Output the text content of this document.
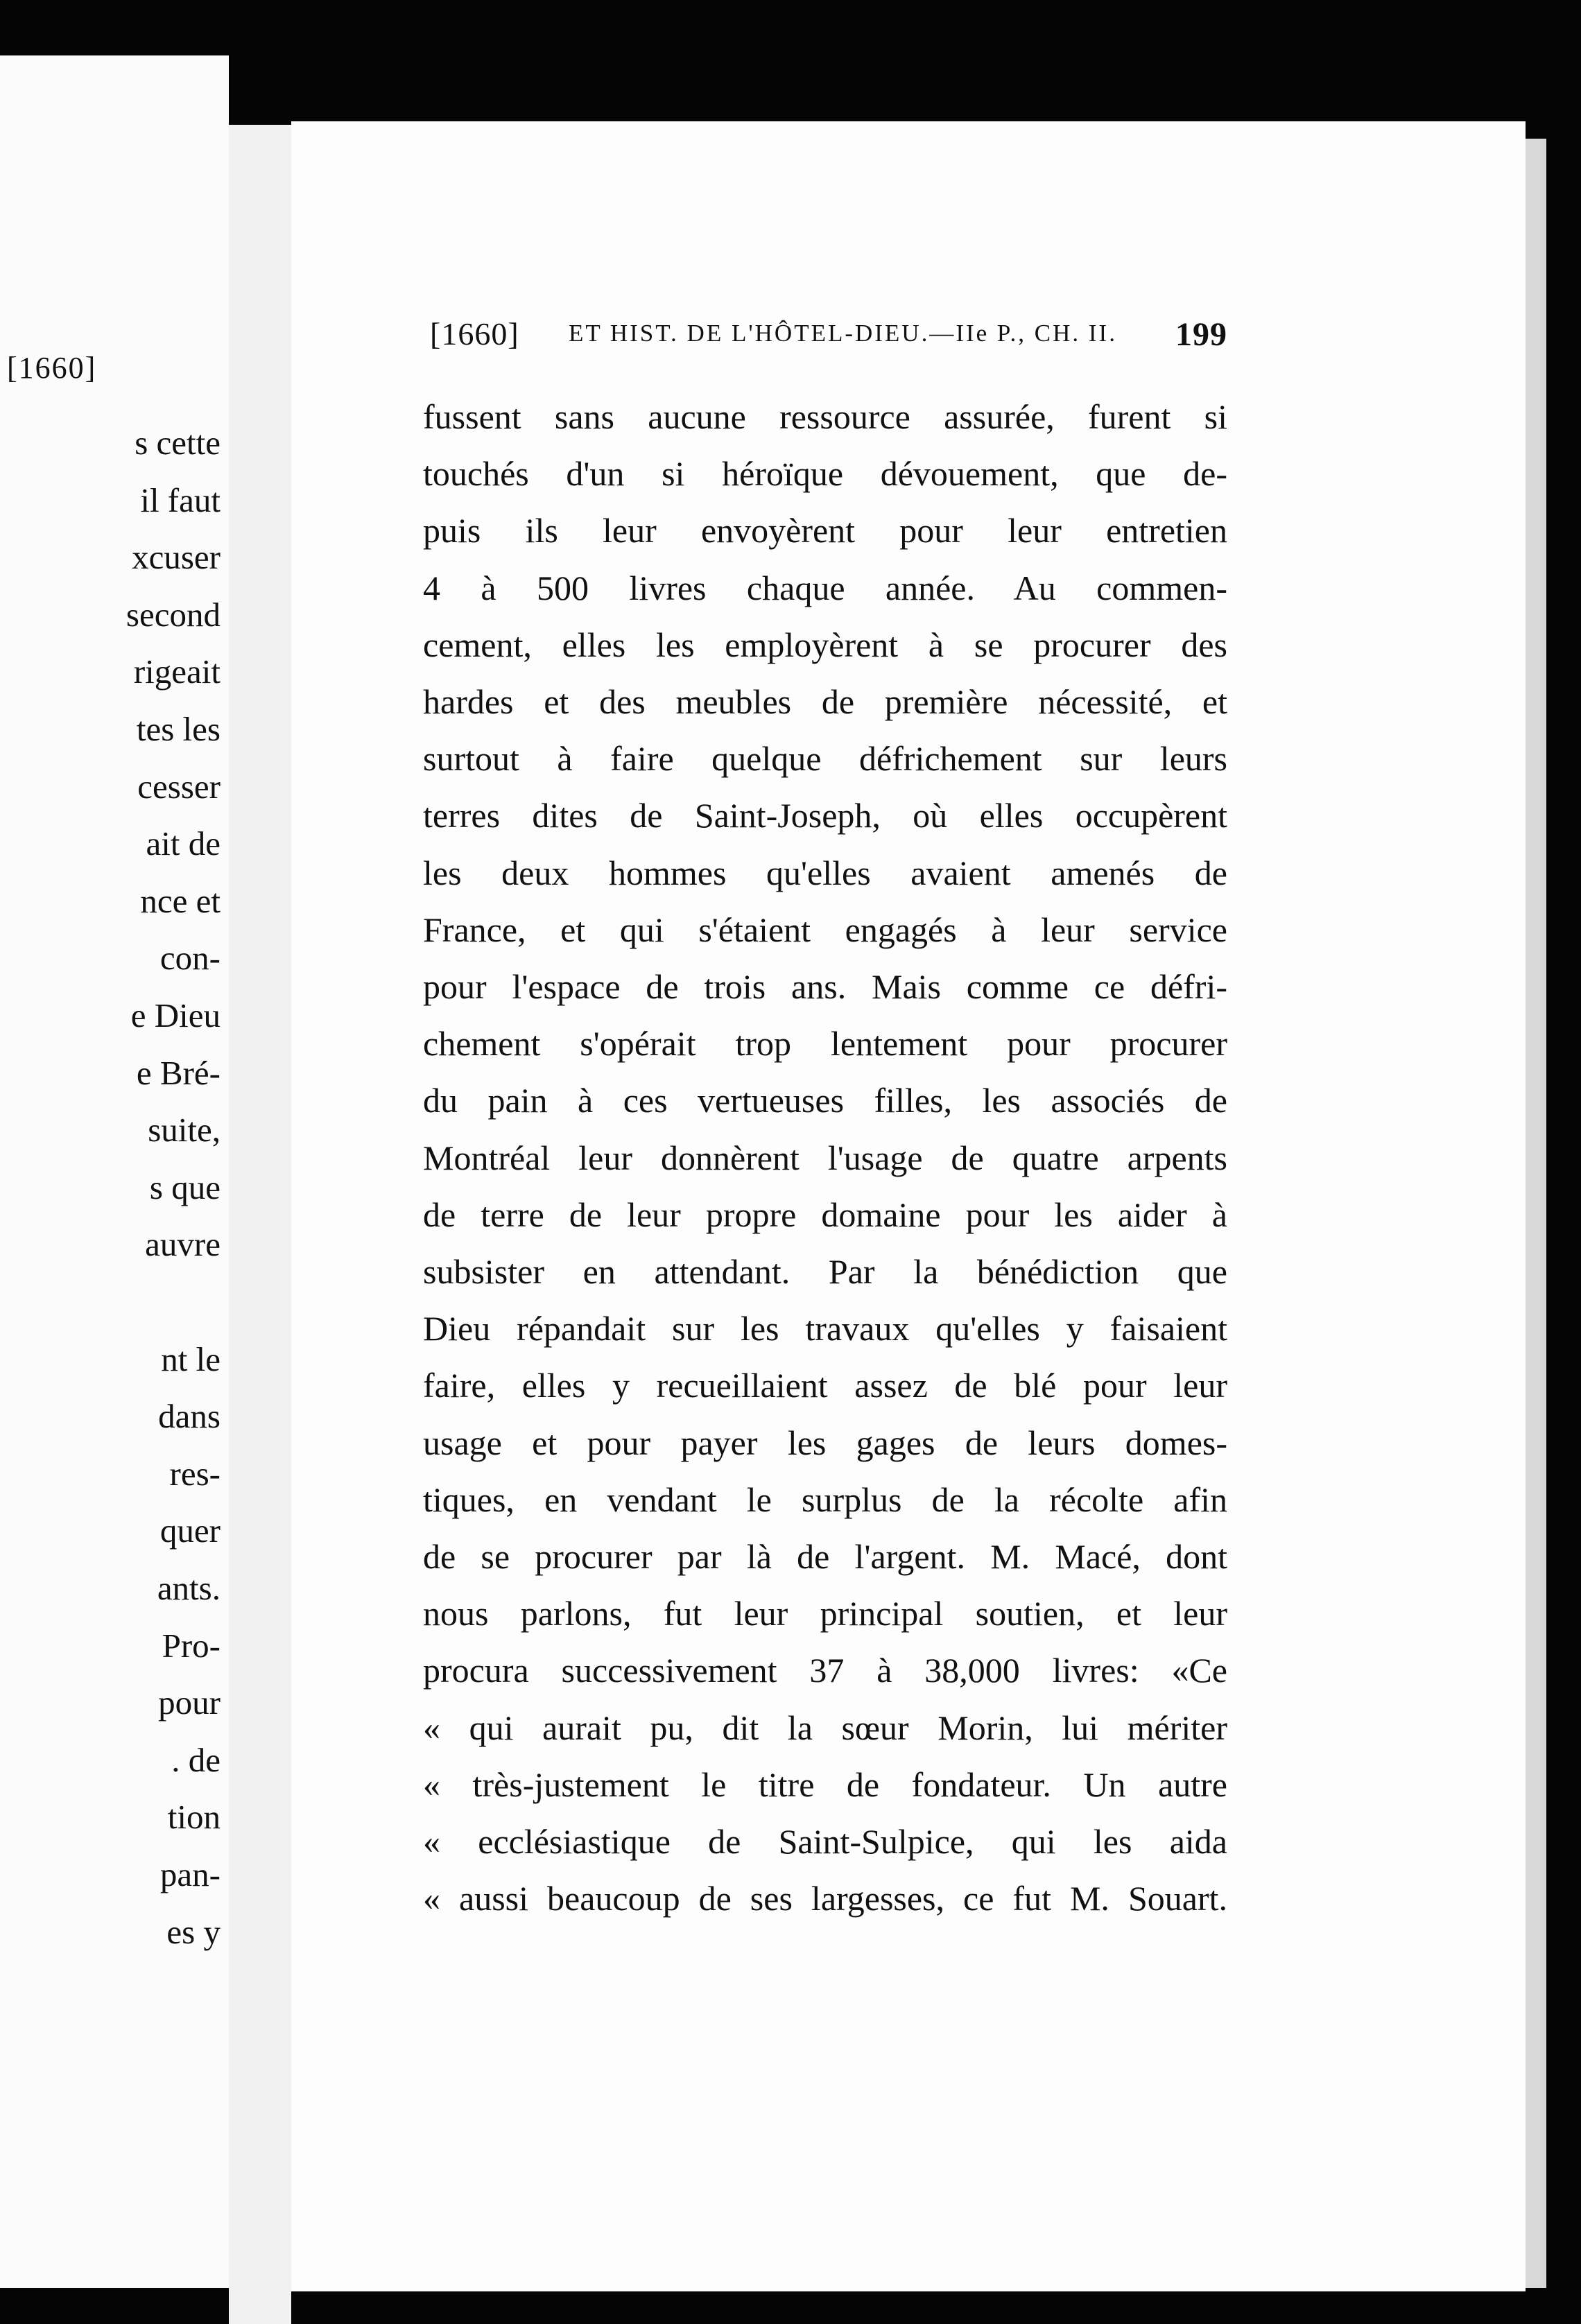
[1660]
s cette
il faut
xcuser
second
rigeait
tes les
cesser
ait de
nce et
con-
e Dieu
e Bré-
suite,
s que
auvre
nt le
dans
res-
quer
ants.
Pro-
pour
. de
tion
pan-
es y
[1660] ET HIST. DE L'HÔTEL-DIEU.—IIe P., CH. II. 199
fussent sans aucune ressource assurée, furent si
touchés d'un si héroïque dévouement, que de-
puis ils leur envoyèrent pour leur entretien
4 à 500 livres chaque année. Au commen-
cement, elles les employèrent à se procurer des
hardes et des meubles de première nécessité, et
surtout à faire quelque défrichement sur leurs
terres dites de Saint-Joseph, où elles occupèrent
les deux hommes qu'elles avaient amenés de
France, et qui s'étaient engagés à leur service
pour l'espace de trois ans. Mais comme ce défri-
chement s'opérait trop lentement pour procurer
du pain à ces vertueuses filles, les associés de
Montréal leur donnèrent l'usage de quatre arpents
de terre de leur propre domaine pour les aider à
subsister en attendant. Par la bénédiction que
Dieu répandait sur les travaux qu'elles y faisaient
faire, elles y recueillaient assez de blé pour leur
usage et pour payer les gages de leurs domes-
tiques, en vendant le surplus de la récolte afin
de se procurer par là de l'argent. M. Macé, dont
nous parlons, fut leur principal soutien, et leur
procura successivement 37 à 38,000 livres: «Ce
« qui aurait pu, dit la sœur Morin, lui mériter
« très-justement le titre de fondateur. Un autre
« ecclésiastique de Saint-Sulpice, qui les aida
« aussi beaucoup de ses largesses, ce fut M. Souart.
